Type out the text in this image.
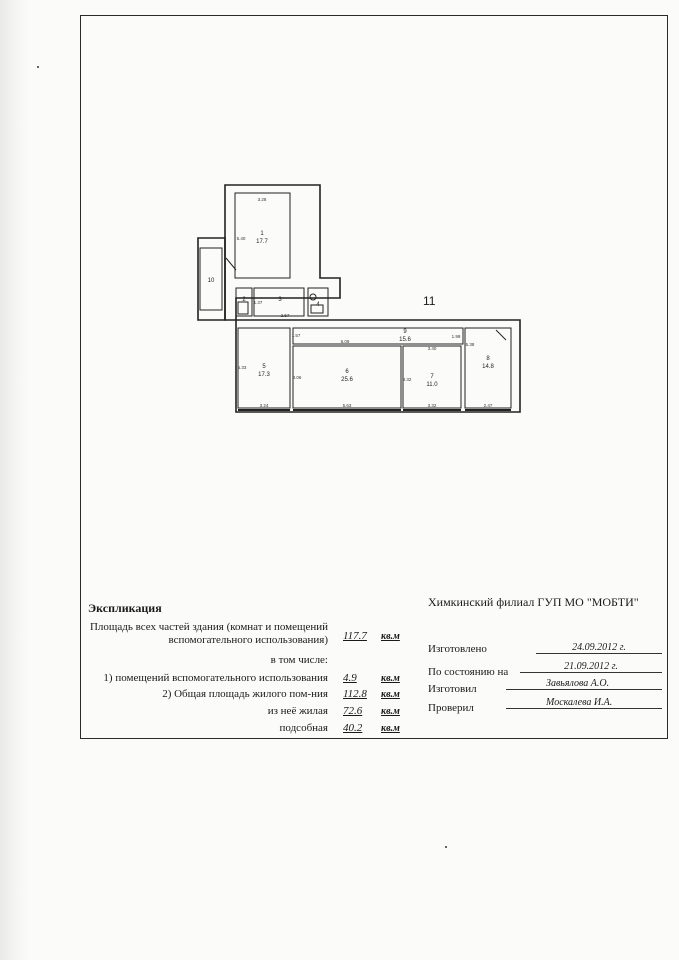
1
17.7
10
2	3
4
5
17.3	6
25.6	7
11.0
8
14.8
9
15.6
3.28
5.40
2.57
1.37
6.09
3.40
1.57	1.99
5.33
3.06	3.32
5.38
3.24	5.63	3.32	2.47
11
Экспликация	Химкинский филиал ГУП МО "МОБТИ"
Площадь всех частей здания (комнат и помещений вспомогательного использования) 117.7 кв.м
в том числе:
1) помещений вспомогательного использования 4.9 кв.м
2) Общая площадь жилого пом-ния 112.8 кв.м
из неё жилая 72.6 кв.м
подсобная 40.2 кв.м
Изготовлено	24.09.2012 г.
По состоянию на	21.09.2012 г.
Изготовил	Завьялова А.О.
Проверил	Москалева И.А.
